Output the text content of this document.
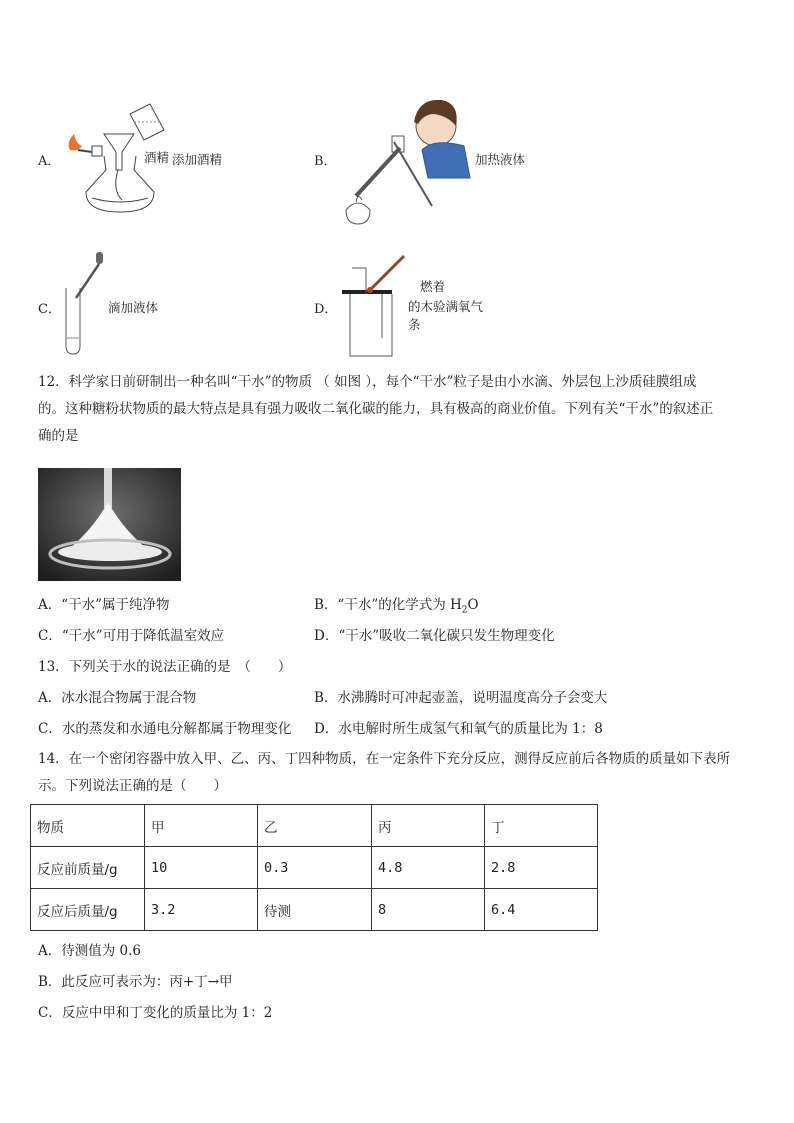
A．	酒精 添加酒精	B．	加热液体
C．	滴加液体	D．
燃着
的木验满氧气
条
12．科学家日前研制出一种名叫“干水”的物质 （ 如图 ），每个“干水”粒子是由小水滴、外层包上沙质硅膜组成
的。这种糖粉状物质的最大特点是具有强力吸收二氧化碳的能力，具有极高的商业价值。下列有关“干水”的叙述正
确的是
A．“干水”属于纯净物	B．“干水”的化学式为 $H_2O$
C．“干水”可用于降低温室效应	D．“干水”吸收二氧化碳只发生物理变化
13．下列关于水的说法正确的是　（　　）
A．冰水混合物属于混合物	B．水沸腾时可冲起壶盖，说明温度高分子会变大
C．水的蒸发和水通电分解都属于物理变化 D．水电解时所生成氢气和氧气的质量比为 1：8
14．在一个密闭容器中放入甲、乙、丙、丁四种物质，在一定条件下充分反应，测得反应前后各物质的质量如下表所
示。下列说法正确的是（　　）
物质	甲	乙	丙	丁
反应前质量/g	10	0.3	4.8	2.8
反应后质量/g	3.2	待测	8	6.4
A．待测值为 0.6
B．此反应可表示为：丙+丁→甲
C．反应中甲和丁变化的质量比为 1：2
